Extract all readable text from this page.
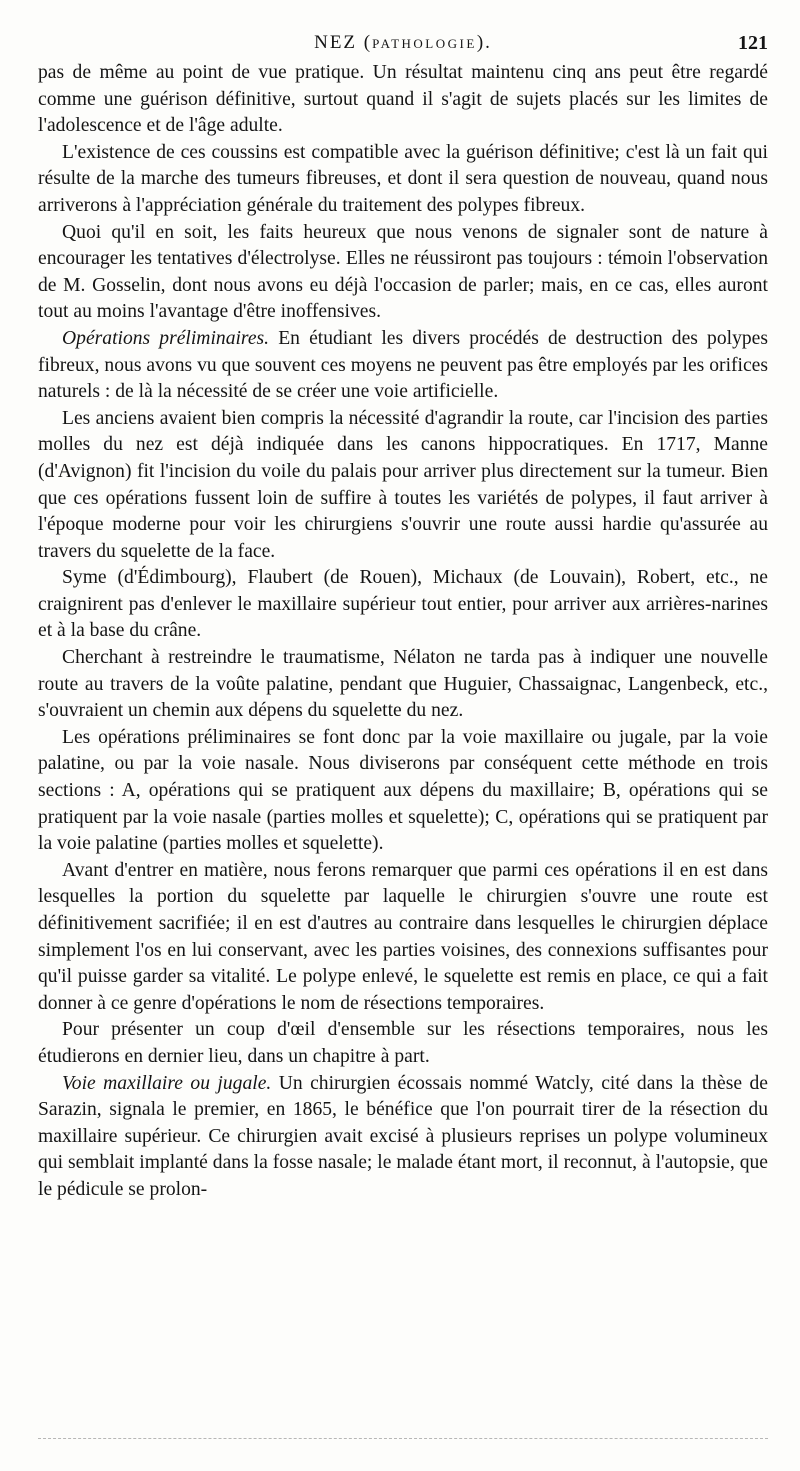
NEZ (PATHOLOGIE).	121

pas de même au point de vue pratique. Un résultat maintenu cinq ans peut être regardé comme une guérison définitive, surtout quand il s'agit de sujets placés sur les limites de l'adolescence et de l'âge adulte.

L'existence de ces coussins est compatible avec la guérison définitive; c'est là un fait qui résulte de la marche des tumeurs fibreuses, et dont il sera question de nouveau, quand nous arriverons à l'appréciation générale du traitement des polypes fibreux.

Quoi qu'il en soit, les faits heureux que nous venons de signaler sont de nature à encourager les tentatives d'électrolyse. Elles ne réussiront pas toujours : témoin l'observation de M. Gosselin, dont nous avons eu déjà l'occasion de parler; mais, en ce cas, elles auront tout au moins l'avantage d'être inoffensives.

Opérations préliminaires. En étudiant les divers procédés de destruction des polypes fibreux, nous avons vu que souvent ces moyens ne peuvent pas être employés par les orifices naturels : de là la nécessité de se créer une voie artificielle.

Les anciens avaient bien compris la nécessité d'agrandir la route, car l'incision des parties molles du nez est déjà indiquée dans les canons hippocratiques. En 1717, Manne (d'Avignon) fit l'incision du voile du palais pour arriver plus directement sur la tumeur. Bien que ces opérations fussent loin de suffire à toutes les variétés de polypes, il faut arriver à l'époque moderne pour voir les chirurgiens s'ouvrir une route aussi hardie qu'assurée au travers du squelette de la face.

Syme (d'Édimbourg), Flaubert (de Rouen), Michaux (de Louvain), Robert, etc., ne craignirent pas d'enlever le maxillaire supérieur tout entier, pour arriver aux arrières-narines et à la base du crâne.

Cherchant à restreindre le traumatisme, Nélaton ne tarda pas à indiquer une nouvelle route au travers de la voûte palatine, pendant que Huguier, Chassaignac, Langenbeck, etc., s'ouvraient un chemin aux dépens du squelette du nez.

Les opérations préliminaires se font donc par la voie maxillaire ou jugale, par la voie palatine, ou par la voie nasale. Nous diviserons par conséquent cette méthode en trois sections : A, opérations qui se pratiquent aux dépens du maxillaire; B, opérations qui se pratiquent par la voie nasale (parties molles et squelette); C, opérations qui se pratiquent par la voie palatine (parties molles et squelette).

Avant d'entrer en matière, nous ferons remarquer que parmi ces opérations il en est dans lesquelles la portion du squelette par laquelle le chirurgien s'ouvre une route est définitivement sacrifiée; il en est d'autres au contraire dans lesquelles le chirurgien déplace simplement l'os en lui conservant, avec les parties voisines, des connexions suffisantes pour qu'il puisse garder sa vitalité. Le polype enlevé, le squelette est remis en place, ce qui a fait donner à ce genre d'opérations le nom de résections temporaires.

Pour présenter un coup d'œil d'ensemble sur les résections temporaires, nous les étudierons en dernier lieu, dans un chapitre à part.

Voie maxillaire ou jugale. Un chirurgien écossais nommé Watcly, cité dans la thèse de Sarazin, signala le premier, en 1865, le bénéfice que l'on pourrait tirer de la résection du maxillaire supérieur. Ce chirurgien avait excisé à plusieurs reprises un polype volumineux qui semblait implanté dans la fosse nasale; le malade étant mort, il reconnut, à l'autopsie, que le pédicule se prolon-
